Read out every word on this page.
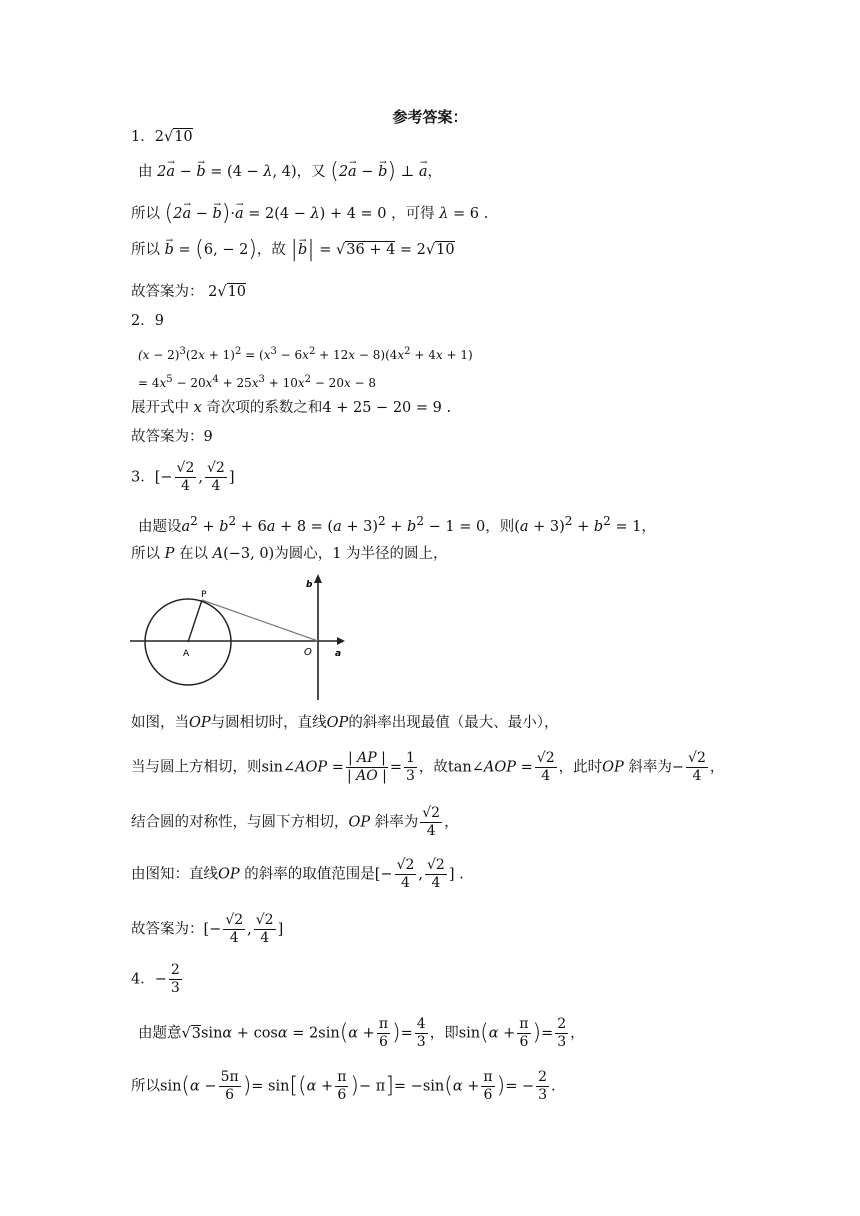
参考答案：
1．2√10
由 2→ a − → b = (4 − λ, 4)，又 (2→ a − → b) ⊥ → a，
所以 (2→ a − → b)·→ a = 2(4 − λ) + 4 = 0 ，可得 λ = 6 .
所以 → b = (6, − 2)，故 |→ b| = √36 + 4 = 2√10
故答案为： 2√10
2．9
$(x - 2)^3(2x + 1)^2 = (x^3 - 6x^2 + 12x - 8)(4x^2 + 4x + 1)$
= $4x^5 - 20x^4 + 25x^3 + 10x^2 - 20x - 8$
展开式中 x 奇次项的系数之和4 + 25 − 20 = 9 .
故答案为：9
3．[− $\frac{√2}{4}$ , $\frac{√2}{4}$ ]
由题设$a^2 + b^2 + 6a + 8 = (a + 3)^2 + b^2 - 1 = 0$，则$(a + 3)^2 + b^2 = 1$，
所以 P 在以 A(−3, 0)为圆心，1 为半径的圆上，
P
A	O	a
b
如图，当OP与圆相切时，直线OP的斜率出现最值（最大、最小），
当与圆上方相切，则sin∠AOP = $\frac{| AP |}{| AO |} = \frac{1}{3}$ ，故tan∠AOP = $\frac{√2}{4}$ ，此时OP 斜率为− $\frac{√2}{4}$ ，
结合圆的对称性，与圆下方相切，OP 斜率为 $\frac{√2}{4}$ ，
由图知：直线OP 的斜率的取值范围是[− $\frac{√2}{4}$ , $\frac{√2}{4}$ ] .
故答案为：[− $\frac{√2}{4}$ , $\frac{√2}{4}$ ]
4．− $\frac{2}{3}$
由题意$√3\sin\alpha + \cos\alpha = 2\sin(\alpha + \frac{\pi}{6}$ )= $\frac{4}{3}$ ，即$\sin(\alpha + \frac{\pi}{6}$ )= $\frac{2}{3}$ ，
所以$\sin(\alpha - \frac{5\pi}{6}$ )= $\sin[(\alpha + \frac{\pi}{6}$ )− $\pi]= -\sin(\alpha + \frac{\pi}{6}$ )= − $\frac{2}{3}$ .
